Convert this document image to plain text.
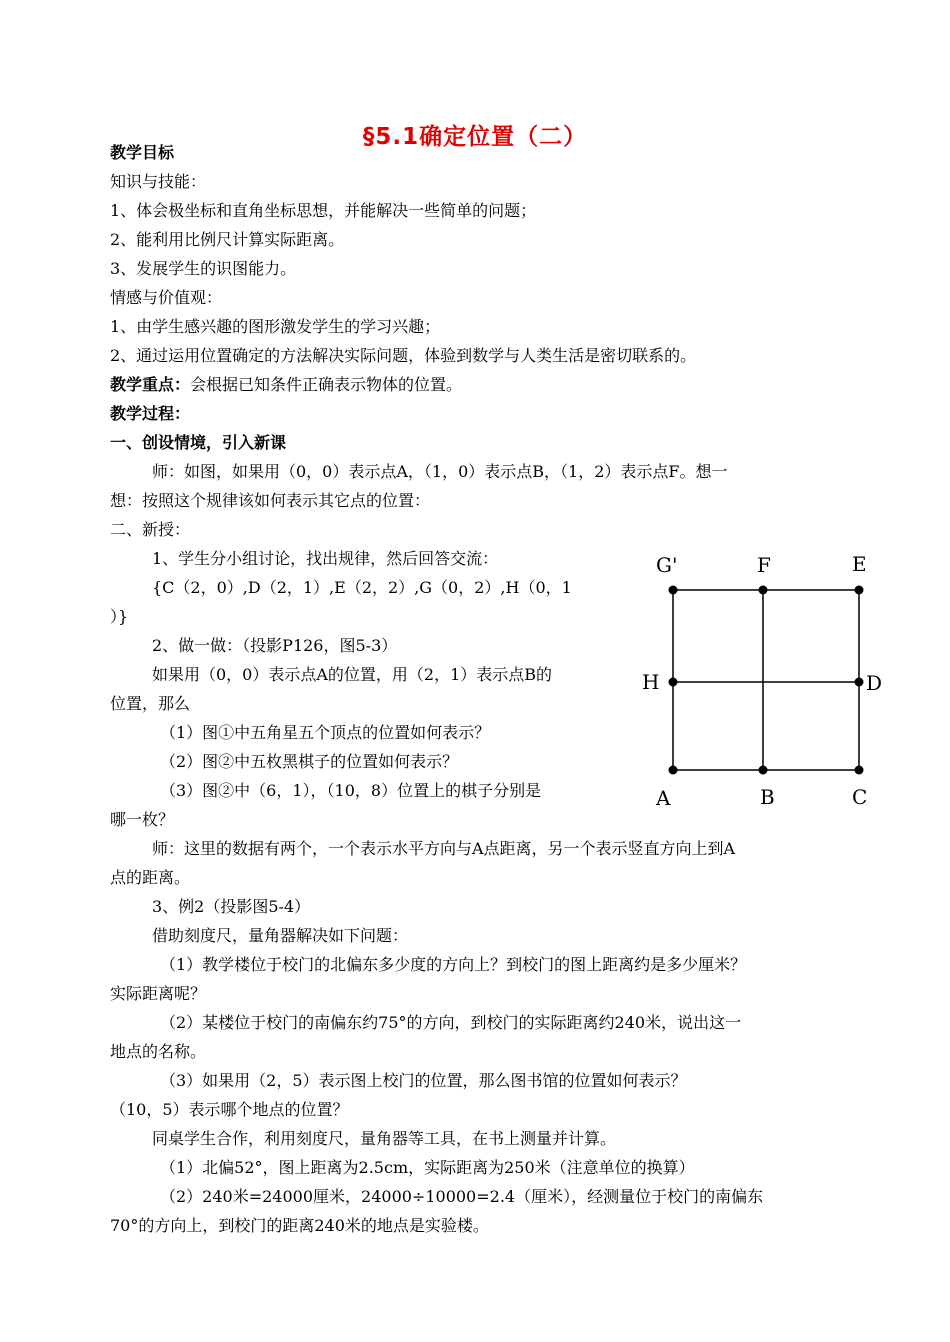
§5.1确定位置（二）
教学目标
知识与技能：
1、体会极坐标和直角坐标思想，并能解决一些简单的问题；
2、能利用比例尺计算实际距离。
3、发展学生的识图能力。
情感与价值观：
1、由学生感兴趣的图形激发学生的学习兴趣；
2、通过运用位置确定的方法解决实际问题，体验到数学与人类生活是密切联系的。
教学重点：会根据已知条件正确表示物体的位置。
教学过程：
一、创设情境，引入新课
师：如图，如果用（0，0）表示点A，（1，0）表示点B，（1，2）表示点F。想一
想：按照这个规律该如何表示其它点的位置：
二、新授：
1、学生分小组讨论，找出规律，然后回答交流：
{C（2，0）,D（2，1）,E（2，2）,G（0，2）,H（0，1
）}
2、做一做：（投影P126，图5-3）
如果用（0，0）表示点A的位置，用（2，1）表示点B的
位置，那么
（1）图①中五角星五个顶点的位置如何表示？
（2）图②中五枚黑棋子的位置如何表示？
（3）图②中（6，1），（10，8）位置上的棋子分别是
哪一枚？
师：这里的数据有两个，一个表示水平方向与A点距离，另一个表示竖直方向上到A
点的距离。
3、例2（投影图5-4）
借助刻度尺，量角器解决如下问题：
（1）教学楼位于校门的北偏东多少度的方向上？到校门的图上距离约是多少厘米？
实际距离呢？
（2）某楼位于校门的南偏东约75°的方向，到校门的实际距离约240米，说出这一
地点的名称。
（3）如果用（2，5）表示图上校门的位置，那么图书馆的位置如何表示？
（10，5）表示哪个地点的位置？
同桌学生合作，利用刻度尺，量角器等工具，在书上测量并计算。
（1）北偏52°，图上距离为2.5cm，实际距离为250米（注意单位的换算）
（2）240米=24000厘米，24000÷10000=2.4（厘米），经测量位于校门的南偏东
70°的方向上，到校门的距离240米的地点是实验楼。
G'	F	E
H	D
A	B	C
